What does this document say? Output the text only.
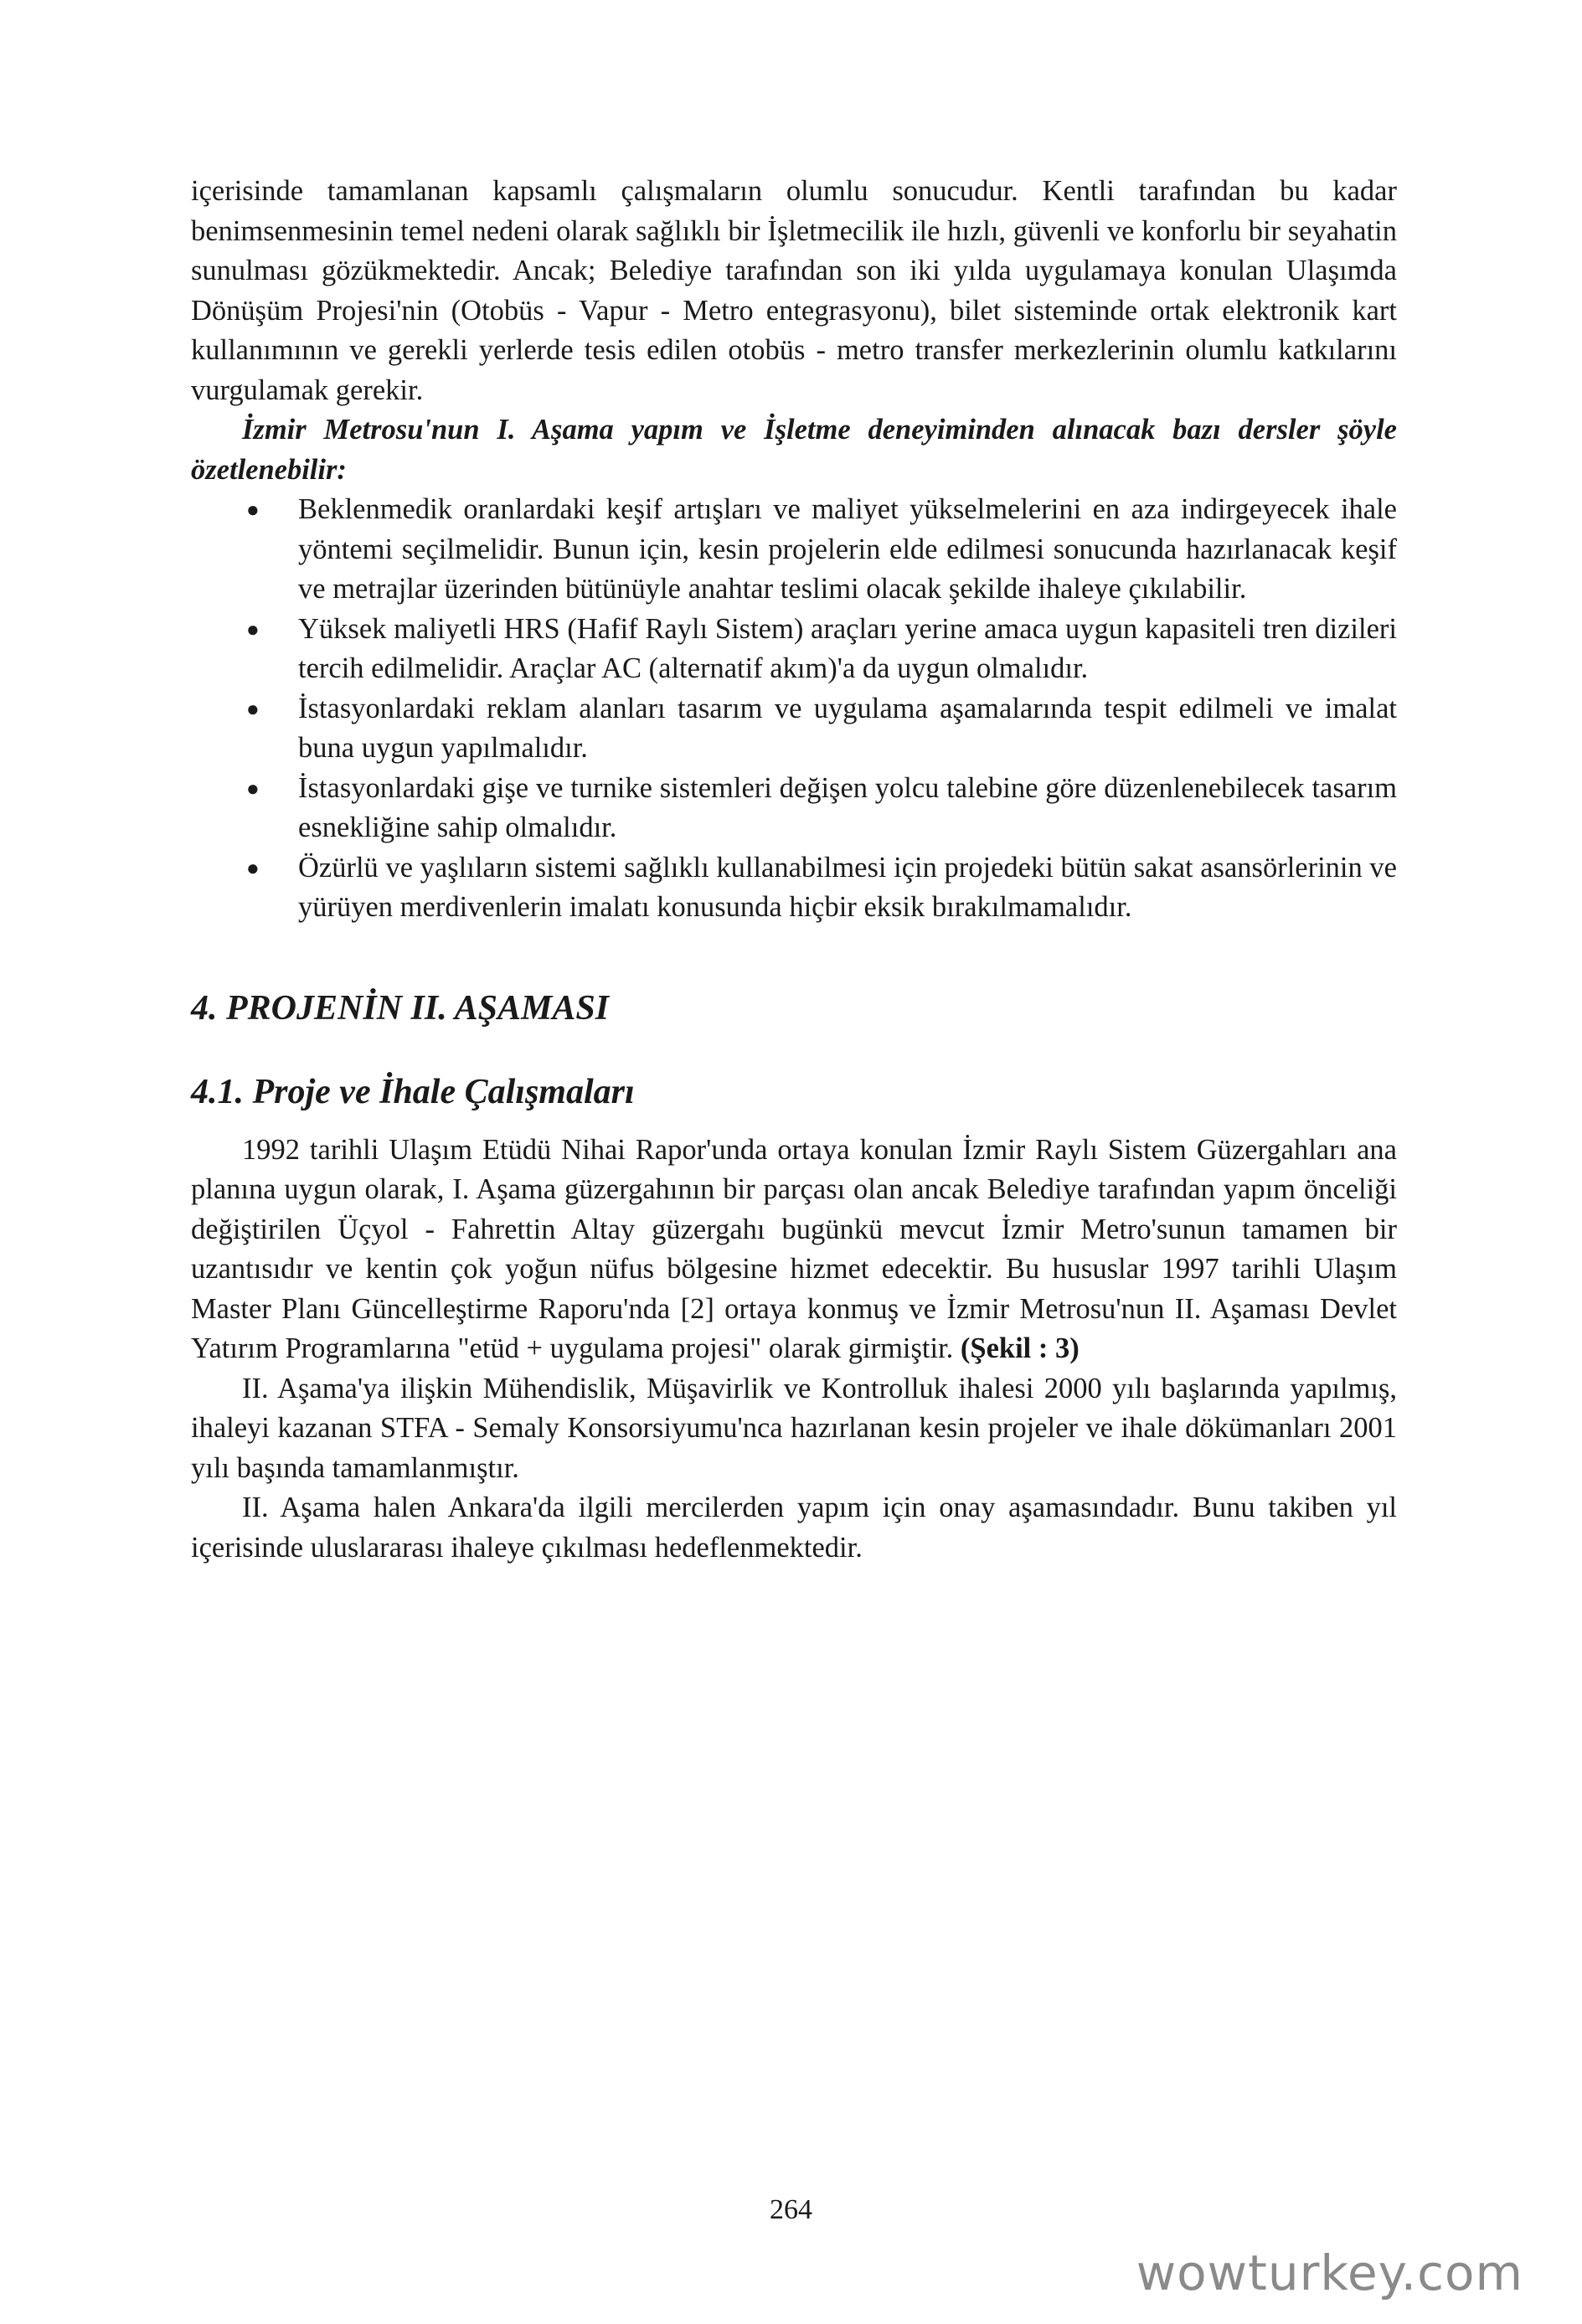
içerisinde tamamlanan kapsamlı çalışmaların olumlu sonucudur. Kentli tarafından bu kadar benimsenmesinin temel nedeni olarak sağlıklı bir İşletmecilik ile hızlı, güvenli ve konforlu bir seyahatin sunulması gözükmektedir. Ancak; Belediye tarafından son iki yılda uygulamaya konulan Ulaşımda Dönüşüm Projesi'nin (Otobüs - Vapur - Metro entegrasyonu), bilet sisteminde ortak elektronik kart kullanımının ve gerekli yerlerde tesis edilen otobüs - metro transfer merkezlerinin olumlu katkılarını vurgulamak gerekir.

İzmir Metrosu'nun I. Aşama yapım ve İşletme deneyiminden alınacak bazı dersler şöyle özetlenebilir:

● Beklenmedik oranlardaki keşif artışları ve maliyet yükselmelerini en aza indirgeyecek ihale yöntemi seçilmelidir. Bunun için, kesin projelerin elde edilmesi sonucunda hazırlanacak keşif ve metrajlar üzerinden bütünüyle anahtar teslimi olacak şekilde ihaleye çıkılabilir.
● Yüksek maliyetli HRS (Hafif Raylı Sistem) araçları yerine amaca uygun kapasiteli tren dizileri tercih edilmelidir. Araçlar AC (alternatif akım)'a da uygun olmalıdır.
● İstasyonlardaki reklam alanları tasarım ve uygulama aşamalarında tespit edilmeli ve imalat buna uygun yapılmalıdır.
● İstasyonlardaki gişe ve turnike sistemleri değişen yolcu talebine göre düzenlenebilecek tasarım esnekliğine sahip olmalıdır.
● Özürlü ve yaşlıların sistemi sağlıklı kullanabilmesi için projedeki bütün sakat asansörlerinin ve yürüyen merdivenlerin imalatı konusunda hiçbir eksik bırakılmamalıdır.
4. PROJENİN II. AŞAMASI
4.1. Proje ve İhale Çalışmaları

1992 tarihli Ulaşım Etüdü Nihai Rapor'unda ortaya konulan İzmir Raylı Sistem Güzergahları ana planına uygun olarak, I. Aşama güzergahının bir parçası olan ancak Belediye tarafından yapım önceliği değiştirilen Üçyol - Fahrettin Altay güzergahı bugünkü mevcut İzmir Metro'sunun tamamen bir uzantısıdır ve kentin çok yoğun nüfus bölgesine hizmet edecektir. Bu hususlar 1997 tarihli Ulaşım Master Planı Güncelleştirme Raporu'nda [2] ortaya konmuş ve İzmir Metrosu'nun II. Aşaması Devlet Yatırım Programlarına "etüd + uygulama projesi" olarak girmiştir. (Şekil : 3)

II. Aşama'ya ilişkin Mühendislik, Müşavirlik ve Kontrolluk ihalesi 2000 yılı başlarında yapılmış, ihaleyi kazanan STFA - Semaly Konsorsiyumu'nca hazırlanan kesin projeler ve ihale dökümanları 2001 yılı başında tamamlanmıştır.

II. Aşama halen Ankara'da ilgili mercilerden yapım için onay aşamasındadır. Bunu takiben yıl içerisinde uluslararası ihaleye çıkılması hedeflenmektedir.

264
wowturkey.com
